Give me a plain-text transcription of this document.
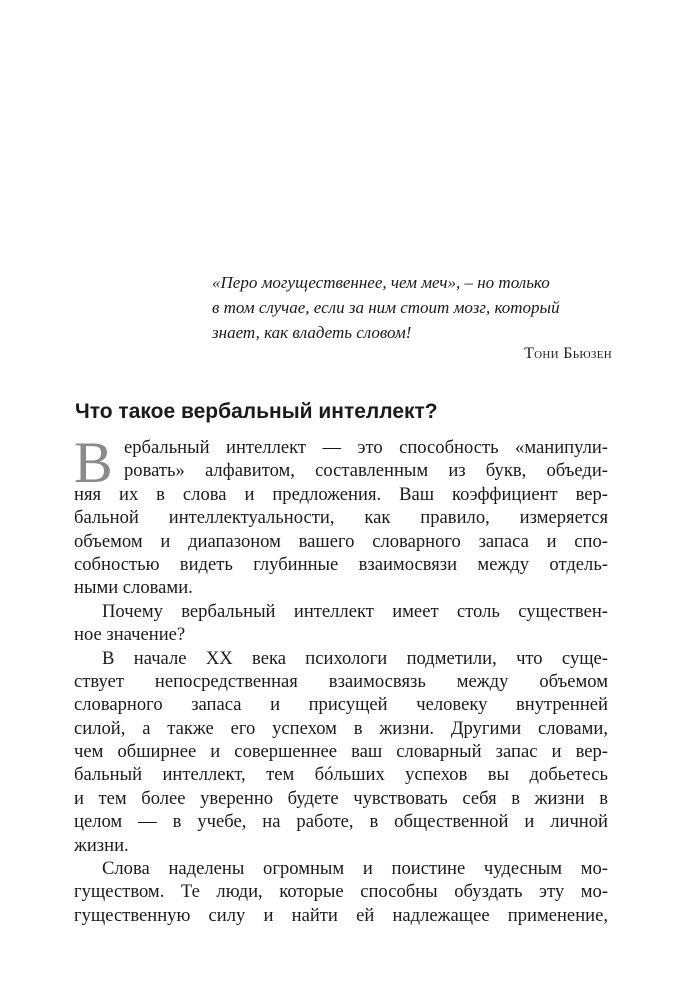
«Перо могущественнее, чем меч», – но только
в том случае, если за ним стоит мозг, который
знает, как владеть словом!
Тони Бьюзен
Что такое вербальный интеллект?
В ербальный интеллект — это способность «манипули-
ровать» алфавитом, составленным из букв, объеди-
няя их в слова и предложения. Ваш коэффициент вер-
бальной интеллектуальности, как правило, измеряется
объемом и диапазоном вашего словарного запаса и спо-
собностью видеть глубинные взаимосвязи между отдель-
ными словами.
Почему вербальный интеллект имеет столь существен-
ное значение?
В начале XX века психологи подметили, что суще-
ствует непосредственная взаимосвязь между объемом
словарного запаса и присущей человеку внутренней
силой, а также его успехом в жизни. Другими словами,
чем обширнее и совершеннее ваш словарный запас и вер-
бальный интеллект, тем бóльших успехов вы добьетесь
и тем более уверенно будете чувствовать себя в жизни в
целом — в учебе, на работе, в общественной и личной
жизни.
Слова наделены огромным и поистине чудесным мо-
гуществом. Те люди, которые способны обуздать эту мо-
гущественную силу и найти ей надлежащее применение,
